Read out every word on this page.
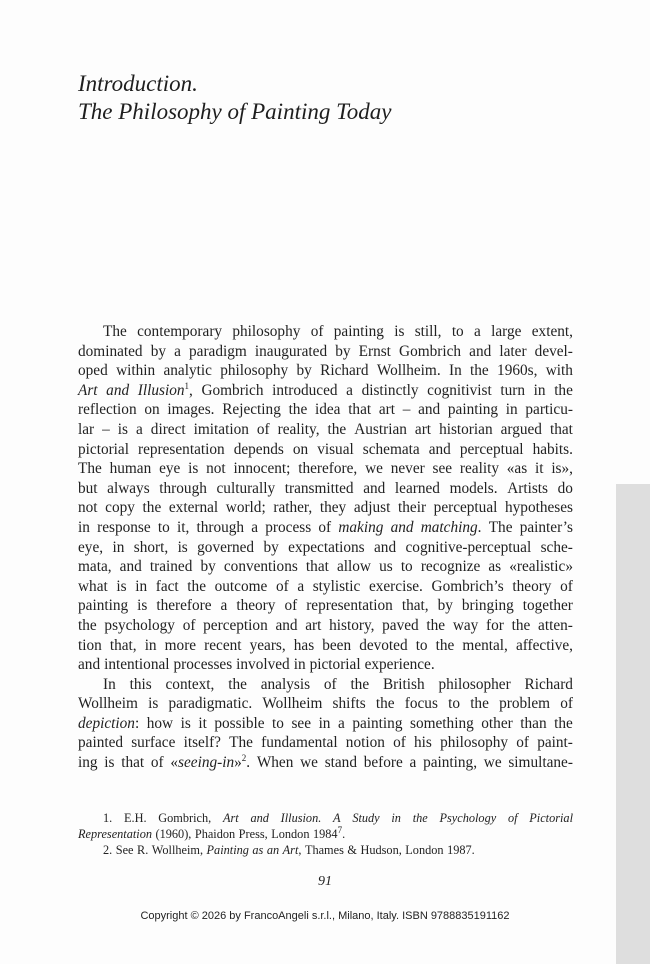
Introduction.
The Philosophy of Painting Today
The contemporary philosophy of painting is still, to a large extent,
dominated by a paradigm inaugurated by Ernst Gombrich and later devel-
oped within analytic philosophy by Richard Wollheim. In the 1960s, with
Art and Illusion$^1$, Gombrich introduced a distinctly cognitivist turn in the
reflection on images. Rejecting the idea that art – and painting in particu-
lar – is a direct imitation of reality, the Austrian art historian argued that
pictorial representation depends on visual schemata and perceptual habits.
The human eye is not innocent; therefore, we never see reality «as it is»,
but always through culturally transmitted and learned models. Artists do
not copy the external world; rather, they adjust their perceptual hypotheses
in response to it, through a process of making and matching. The painter’s
eye, in short, is governed by expectations and cognitive-perceptual sche-
mata, and trained by conventions that allow us to recognize as «realistic»
what is in fact the outcome of a stylistic exercise. Gombrich’s theory of
painting is therefore a theory of representation that, by bringing together
the psychology of perception and art history, paved the way for the atten-
tion that, in more recent years, has been devoted to the mental, affective,
and intentional processes involved in pictorial experience.
In this context, the analysis of the British philosopher Richard
Wollheim is paradigmatic. Wollheim shifts the focus to the problem of
depiction: how is it possible to see in a painting something other than the
painted surface itself? The fundamental notion of his philosophy of paint-
ing is that of «seeing-in»$^2$. When we stand before a painting, we simultane-
1. E.H. Gombrich, Art and Illusion. A Study in the Psychology of Pictorial
Representation (1960), Phaidon Press, London 1984$^7$.
2. See R. Wollheim, Painting as an Art, Thames & Hudson, London 1987.
91
Copyright © 2026 by FrancoAngeli s.r.l., Milano, Italy. ISBN 9788835191162
